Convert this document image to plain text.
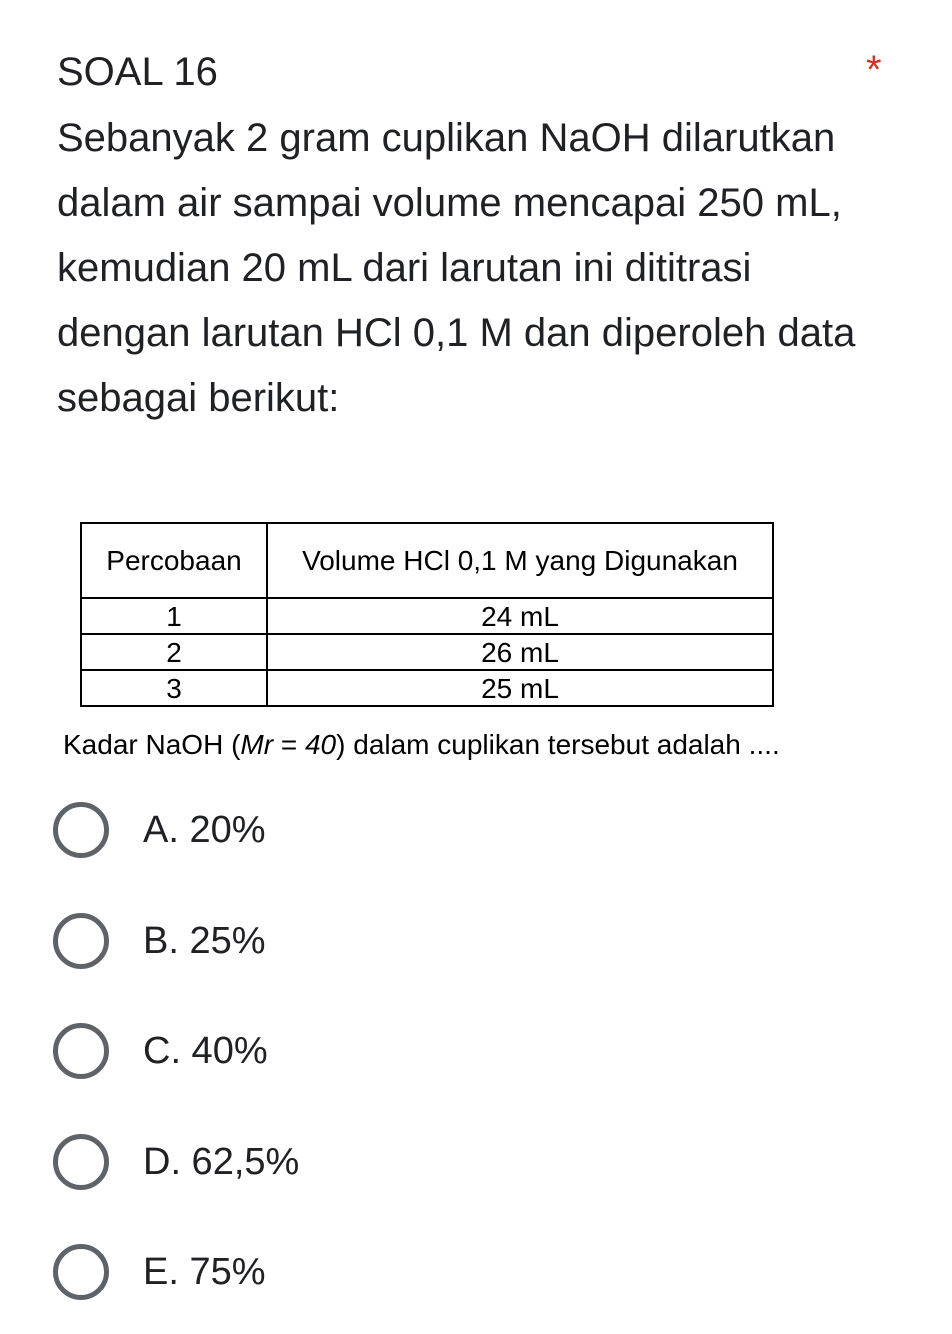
SOAL 16	*

Sebanyak 2 gram cuplikan NaOH dilarutkan dalam air sampai volume mencapai 250 mL, kemudian 20 mL dari larutan ini dititrasi dengan larutan HCl 0,1 M dan diperoleh data sebagai berikut:

Percobaan	Volume HCl 0,1 M yang Digunakan
1	24 mL
2	26 mL
3	25 mL
Kadar NaOH (Mr = 40) dalam cuplikan tersebut adalah ....
A. 20%
B. 25%
C. 40%
D. 62,5%
E. 75%
